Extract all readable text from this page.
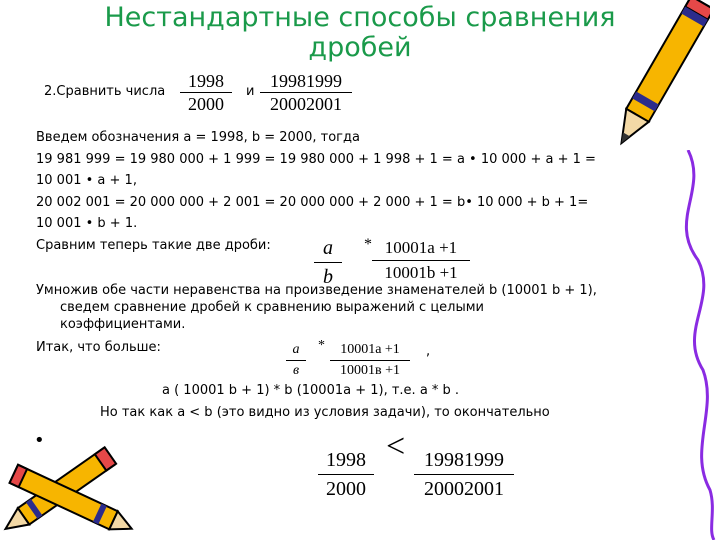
Нестандартные способы сравнения
дробей
2.Сравнить числа $\frac{1998}{2000}$ и $\frac{19981999}{20002001}$
Введем обозначения а = 1998, b = 2000, тогда
19 981 999 = 19 980 000 + 1 999 = 19 980 000 + 1 998 + 1 = а • 10 000 + а + 1 =
10 001 • а + 1,
20 002 001 = 20 000 000 + 2 001 = 20 000 000 + 2 000 + 1 = b• 10 000 + b + 1=
10 001 • b + 1.
Сравним теперь такие две дроби: $\frac{a}{b} * \frac{10001a +1}{10001b +1}$
Умножив обе части неравенства на произведение знаменателей b (10001 b + 1),
сведем сравнение дробей к сравнению выражений с целыми
коэффициентами.
Итак, что больше:	a
в
*	10001a +1
10001в +1
,
а ( 10001 b + 1) * b (10001а + 1), т.е. а * b .
Но так как а < b (это видно из условия задачи), то окончательно
•
$\frac{1998}{2000} < \frac{19981999}{20002001}$
